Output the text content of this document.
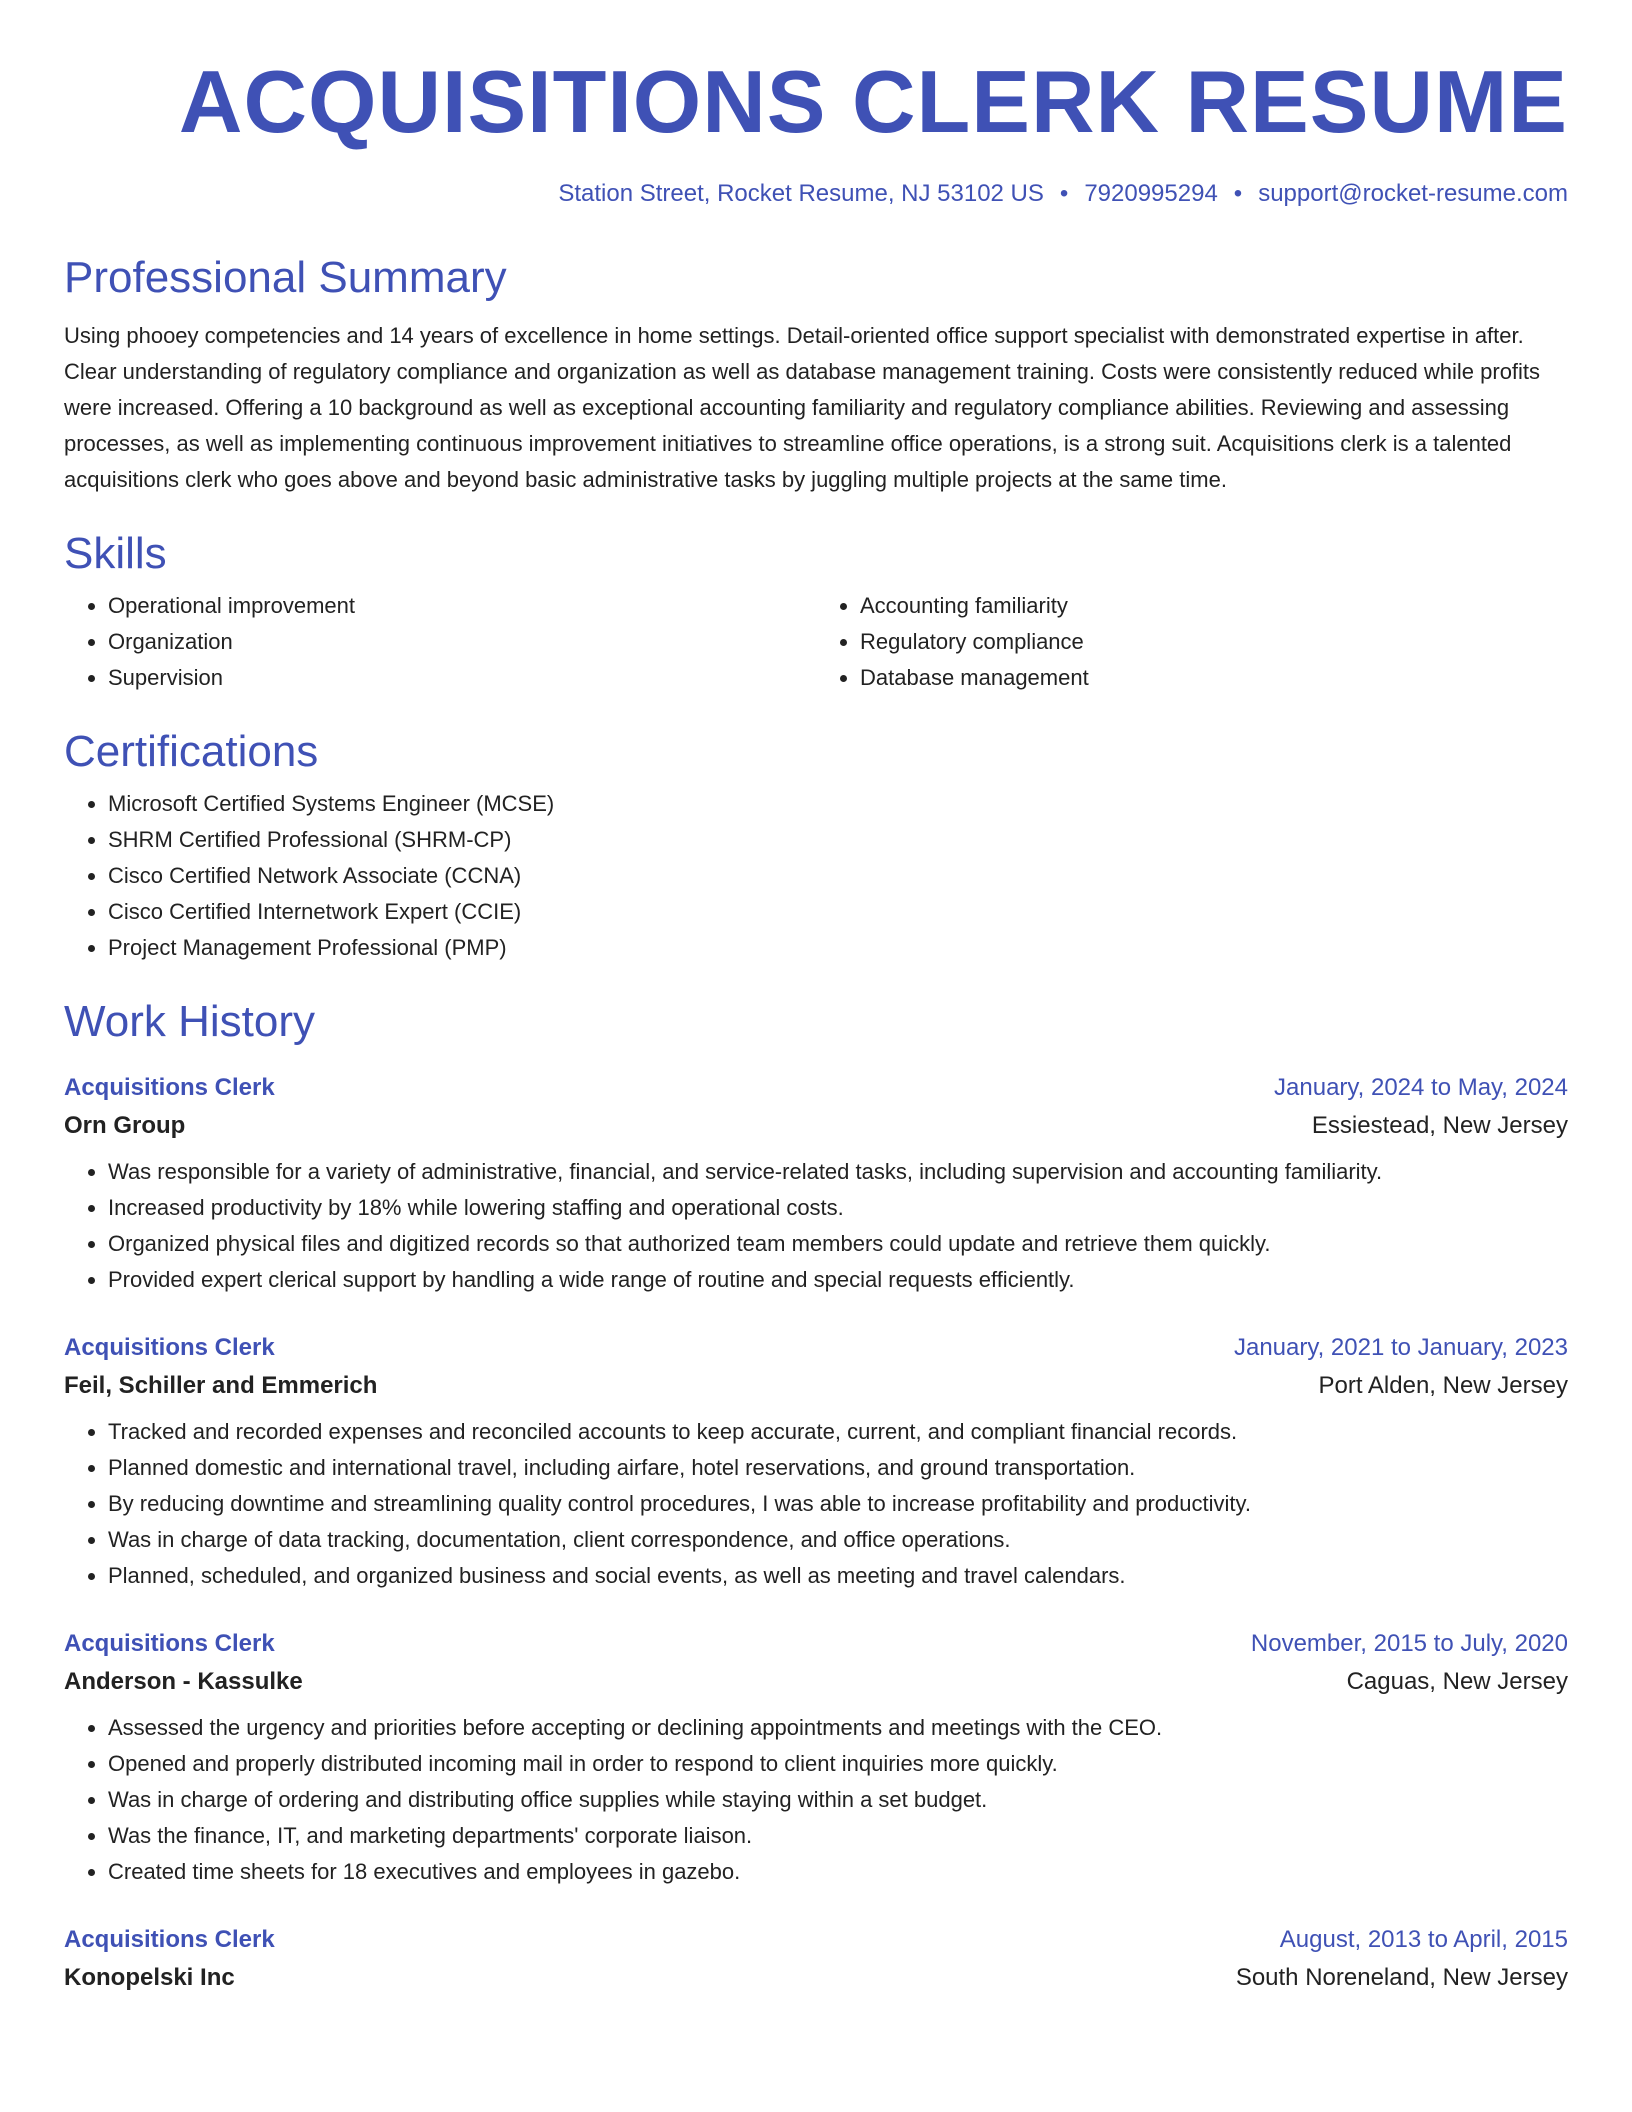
ACQUISITIONS CLERK RESUME
Station Street, Rocket Resume, NJ 53102 US • 7920995294 • support@rocket-resume.com
Professional Summary

Using phooey competencies and 14 years of excellence in home settings. Detail-oriented office support specialist with demonstrated expertise in after. Clear understanding of regulatory compliance and organization as well as database management training. Costs were consistently reduced while profits were increased. Offering a 10 background as well as exceptional accounting familiarity and regulatory compliance abilities. Reviewing and assessing processes, as well as implementing continuous improvement initiatives to streamline office operations, is a strong suit. Acquisitions clerk is a talented acquisitions clerk who goes above and beyond basic administrative tasks by juggling multiple projects at the same time.

Skills
• Operational improvement
• Organization
• Supervision
• Accounting familiarity
• Regulatory compliance
• Database management
Certifications
• Microsoft Certified Systems Engineer (MCSE)
• SHRM Certified Professional (SHRM-CP)
• Cisco Certified Network Associate (CCNA)
• Cisco Certified Internetwork Expert (CCIE)
• Project Management Professional (PMP)
Work History
Acquisitions Clerk	January, 2024 to May, 2024
Orn Group	Essiestead, New Jersey
• Was responsible for a variety of administrative, financial, and service-related tasks, including supervision and accounting familiarity.
• Increased productivity by 18% while lowering staffing and operational costs.
• Organized physical files and digitized records so that authorized team members could update and retrieve them quickly.
• Provided expert clerical support by handling a wide range of routine and special requests efficiently.
Acquisitions Clerk	January, 2021 to January, 2023
Feil, Schiller and Emmerich	Port Alden, New Jersey
• Tracked and recorded expenses and reconciled accounts to keep accurate, current, and compliant financial records.
• Planned domestic and international travel, including airfare, hotel reservations, and ground transportation.
• By reducing downtime and streamlining quality control procedures, I was able to increase profitability and productivity.
• Was in charge of data tracking, documentation, client correspondence, and office operations.
• Planned, scheduled, and organized business and social events, as well as meeting and travel calendars.
Acquisitions Clerk	November, 2015 to July, 2020
Anderson - Kassulke	Caguas, New Jersey
• Assessed the urgency and priorities before accepting or declining appointments and meetings with the CEO.
• Opened and properly distributed incoming mail in order to respond to client inquiries more quickly.
• Was in charge of ordering and distributing office supplies while staying within a set budget.
• Was the finance, IT, and marketing departments' corporate liaison.
• Created time sheets for 18 executives and employees in gazebo.
Acquisitions Clerk	August, 2013 to April, 2015
Konopelski Inc	South Noreneland, New Jersey
